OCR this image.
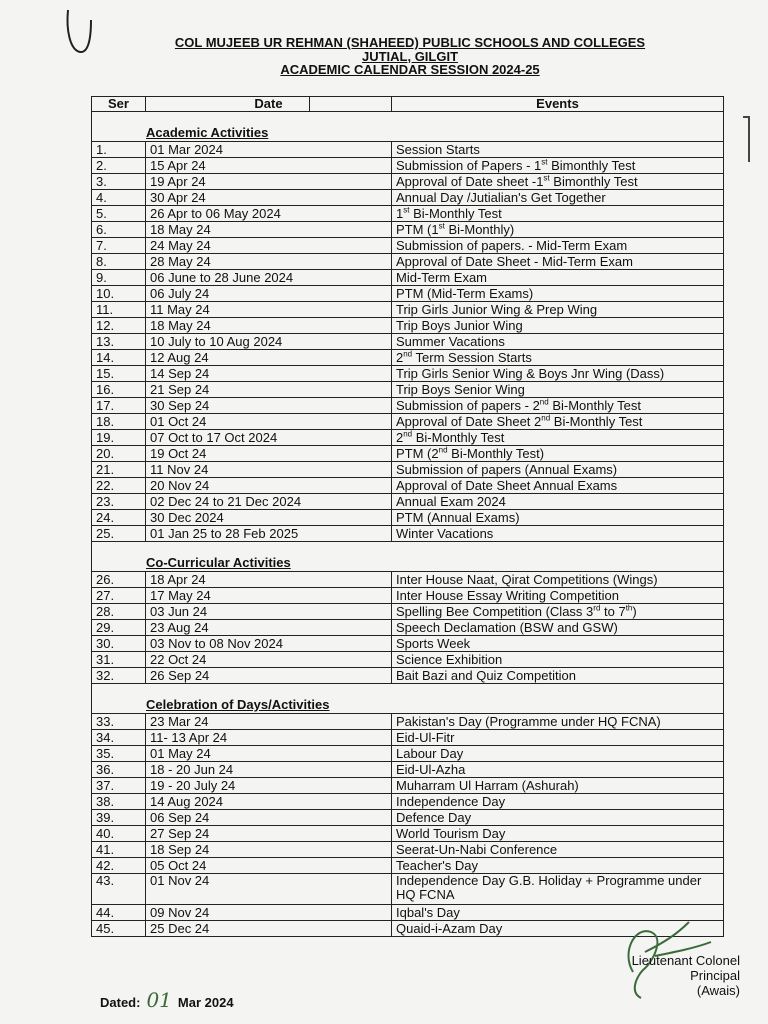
COL MUJEEB UR REHMAN (SHAHEED) PUBLIC SCHOOLS AND COLLEGES
JUTIAL, GILGIT
ACADEMIC CALENDAR SESSION 2024-25
Ser	Date	Events
Academic Activities		
1.	01 Mar 2024	Session Starts
2.	15 Apr 24	Submission of Papers - 1st Bimonthly Test
3.	19 Apr 24	Approval of Date sheet -1st Bimonthly Test
4.	30 Apr 24	Annual Day /Jutialian's Get Together
5.	26 Apr to 06 May 2024	1st Bi-Monthly Test
6.	18 May 24	PTM (1st Bi-Monthly)
7.	24 May 24	Submission of papers. - Mid-Term Exam
8.	28 May 24	Approval of Date Sheet - Mid-Term Exam
9.	06 June to 28 June 2024	Mid-Term Exam
10.	06 July 24	PTM (Mid-Term Exams)
11.	11 May 24	Trip Girls Junior Wing & Prep Wing
12.	18 May 24	Trip Boys Junior Wing
13.	10 July to 10 Aug 2024	Summer Vacations
14.	12 Aug 24	2nd Term Session Starts
15.	14 Sep 24	Trip Girls Senior Wing & Boys Jnr Wing (Dass)
16.	21 Sep 24	Trip Boys Senior Wing
17.	30 Sep 24	Submission of papers - 2nd Bi-Monthly Test
18.	01 Oct 24	Approval of Date Sheet 2nd Bi-Monthly Test
19.	07 Oct to 17 Oct 2024	2nd Bi-Monthly Test
20.	19 Oct 24	PTM (2nd Bi-Monthly Test)
21.	11 Nov 24	Submission of papers (Annual Exams)
22.	20 Nov 24	Approval of Date Sheet Annual Exams
23.	02 Dec 24 to 21 Dec 2024	Annual Exam 2024
24.	30 Dec 2024	PTM (Annual Exams)
25.	01 Jan 25 to 28 Feb 2025	Winter Vacations
Co-Curricular Activities		
26.	18 Apr 24	Inter House Naat, Qirat Competitions (Wings)
27.	17 May 24	Inter House Essay Writing Competition
28.	03 Jun 24	Spelling Bee Competition (Class 3rd to 7th)
29.	23 Aug 24	Speech Declamation (BSW and GSW)
30.	03 Nov to 08 Nov 2024	Sports Week
31.	22 Oct 24	Science Exhibition
32.	26 Sep 24	Bait Bazi and Quiz Competition
Celebration of Days/Activities		
33.	23 Mar 24	Pakistan's Day (Programme under HQ FCNA)
34.	11- 13 Apr 24	Eid-Ul-Fitr
35.	01 May 24	Labour Day
36.	18 - 20 Jun 24	Eid-Ul-Azha
37.	19 - 20 July 24	Muharram Ul Harram (Ashurah)
38.	14 Aug 2024	Independence Day
39.	06 Sep 24	Defence Day
40.	27 Sep 24	World Tourism Day
41.	18 Sep 24	Seerat-Un-Nabi Conference
42.	05 Oct 24	Teacher's Day
43.	01 Nov 24	Independence Day G.B. Holiday + Programme under HQ FCNA
44.	09 Nov 24	Iqbal's Day
45.	25 Dec 24	Quaid-i-Azam Day
Lieutenant Colonel
Principal
(Awais)
Dated: 01 Mar 2024
